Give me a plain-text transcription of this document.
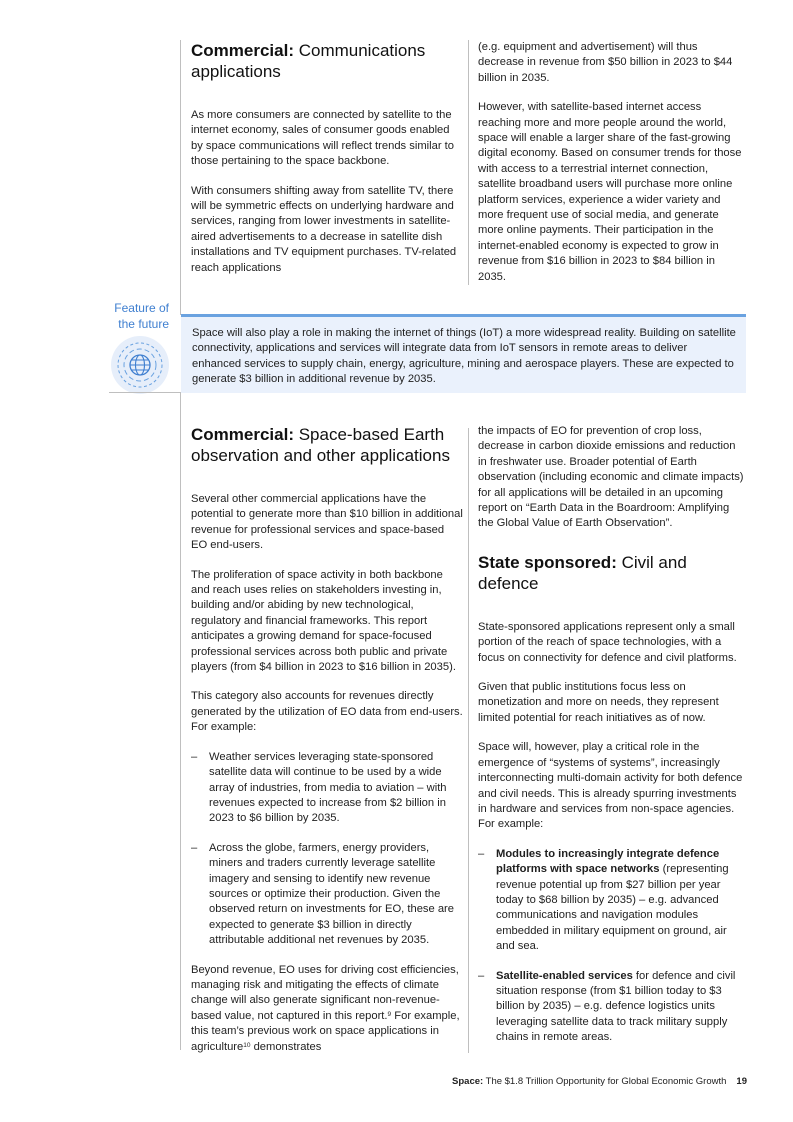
Commercial: Communications applications

As more consumers are connected by satellite to the internet economy, sales of consumer goods enabled by space communications will reflect trends similar to those pertaining to the space backbone.

With consumers shifting away from satellite TV, there will be symmetric effects on underlying hardware and services, ranging from lower investments in satellite-aired advertisements to a decrease in satellite dish installations and TV equipment purchases. TV-related reach applications

(e.g. equipment and advertisement) will thus decrease in revenue from $50 billion in 2023 to $44 billion in 2035.

However, with satellite-based internet access reaching more and more people around the world, space will enable a larger share of the fast-growing digital economy. Based on consumer trends for those with access to a terrestrial internet connection, satellite broadband users will purchase more online platform services, experience a wider variety and more frequent use of social media, and generate more online payments. Their participation in the internet-enabled economy is expected to grow in revenue from $16 billion in 2023 to $84 billion in 2035.

Feature of the future
Space will also play a role in making the internet of things (IoT) a more widespread reality. Building on satellite connectivity, applications and services will integrate data from IoT sensors in remote areas to deliver enhanced services to supply chain, energy, agriculture, mining and aerospace players. These are expected to generate $3 billion in additional revenue by 2035.
Commercial: Space-based Earth observation and other applications

Several other commercial applications have the potential to generate more than $10 billion in additional revenue for professional services and space-based EO end-users.

The proliferation of space activity in both backbone and reach uses relies on stakeholders investing in, building and/or abiding by new technological, regulatory and financial frameworks. This report anticipates a growing demand for space-focused professional services across both public and private players (from $4 billion in 2023 to $16 billion in 2035).

This category also accounts for revenues directly generated by the utilization of EO data from end-users. For example:

– Weather services leveraging state-sponsored satellite data will continue to be used by a wide array of industries, from media to aviation – with revenues expected to increase from $2 billion in 2023 to $6 billion by 2035.
– Across the globe, farmers, energy providers, miners and traders currently leverage satellite imagery and sensing to identify new revenue sources or optimize their production. Given the observed return on investments for EO, these are expected to generate $3 billion in directly attributable additional net revenues by 2035.

Beyond revenue, EO uses for driving cost efficiencies, managing risk and mitigating the effects of climate change will also generate significant non-revenue-based value, not captured in this report.$^9$ For example, this team’s previous work on space applications in agriculture$^{10}$ demonstrates

the impacts of EO for prevention of crop loss, decrease in carbon dioxide emissions and reduction in freshwater use. Broader potential of Earth observation (including economic and climate impacts) for all applications will be detailed in an upcoming report on “Earth Data in the Boardroom: Amplifying the Global Value of Earth Observation”.

State sponsored: Civil and defence

State-sponsored applications represent only a small portion of the reach of space technologies, with a focus on connectivity for defence and civil platforms.

Given that public institutions focus less on monetization and more on needs, they represent limited potential for reach initiatives as of now.

Space will, however, play a critical role in the emergence of “systems of systems”, increasingly interconnecting multi-domain activity for both defence and civil needs. This is already spurring investments in hardware and services from non-space agencies. For example:

– Modules to increasingly integrate defence platforms with space networks (representing revenue potential up from $27 billion per year today to $68 billion by 2035) – e.g. advanced communications and navigation modules embedded in military equipment on ground, air and sea.
– Satellite-enabled services for defence and civil situation response (from $1 billion today to $3 billion by 2035) – e.g. defence logistics units leveraging satellite data to track military supply chains in remote areas.
Space: The $1.8 Trillion Opportunity for Global Economic Growth 19
